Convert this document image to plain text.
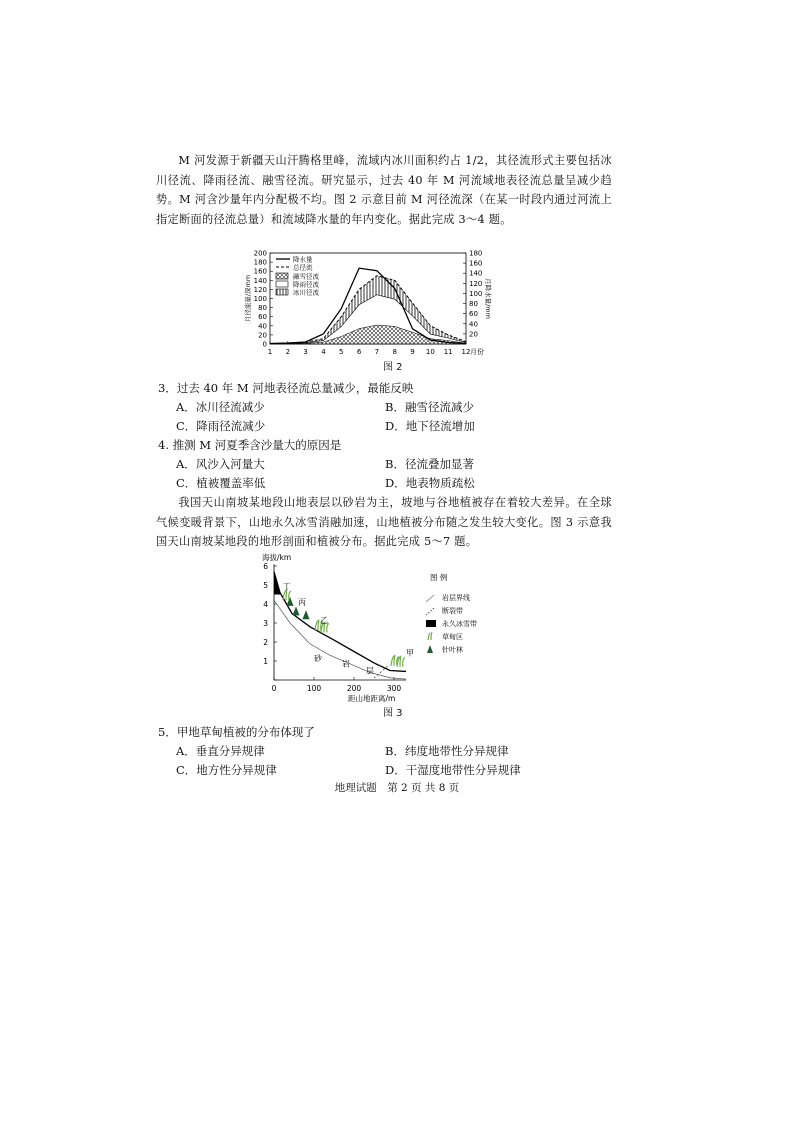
M 河发源于新疆天山汗腾格里峰，流域内冰川面积约占 1/2，其径流形式主要包括冰川径流、降雨径流、融雪径流。研究显示，过去 40 年 M 河流域地表径流总量呈减少趋势。M 河含沙量年内分配极不均。图 2 示意目前 M 河径流深（在某一时段内通过河流上指定断面的径流总量）和流域降水量的年内变化。据此完成 3～4 题。
0
20
40
60
80
100
120
140
160
180
200
20
40
60
80
100
120
140
160
180
1 2 3 4 5 6 7 8 9 10 11 12 月份
月径流量/深mm	月降水量/mm
降水量
总径流
融雪径流
降雨径流
冰川径流
图 2
3．过去 40 年 M 河地表径流总量减少，最能反映
A．冰川径流减少	B．融雪径流减少
C．降雨径流减少	D．地下径流增加
4. 推测 M 河夏季含沙量大的原因是
A．风沙入河量大	B．径流叠加显著
C．植被覆盖率低	D．地表物质疏松
我国天山南坡某地段山地表层以砂岩为主，坡地与谷地植被存在着较大差异。在全球气候变暖背景下，山地永久冰雪消融加速，山地植被分布随之发生较大变化。图 3 示意我国天山南坡某地段的地形剖面和植被分布。据此完成 5～7 题。
海拔/km
1
2
3
4
5
6
0	100	200	300
距山地距离/m
丁
丙
乙
甲
砂
岩
层
图 例
岩层界线
断裂带
永久冰雪带
草甸区
针叶林
图 3
5．甲地草甸植被的分布体现了
A．垂直分异规律	B．纬度地带性分异规律
C．地方性分异规律	D．干湿度地带性分异规律
地理试题　第 2 页 共 8 页
